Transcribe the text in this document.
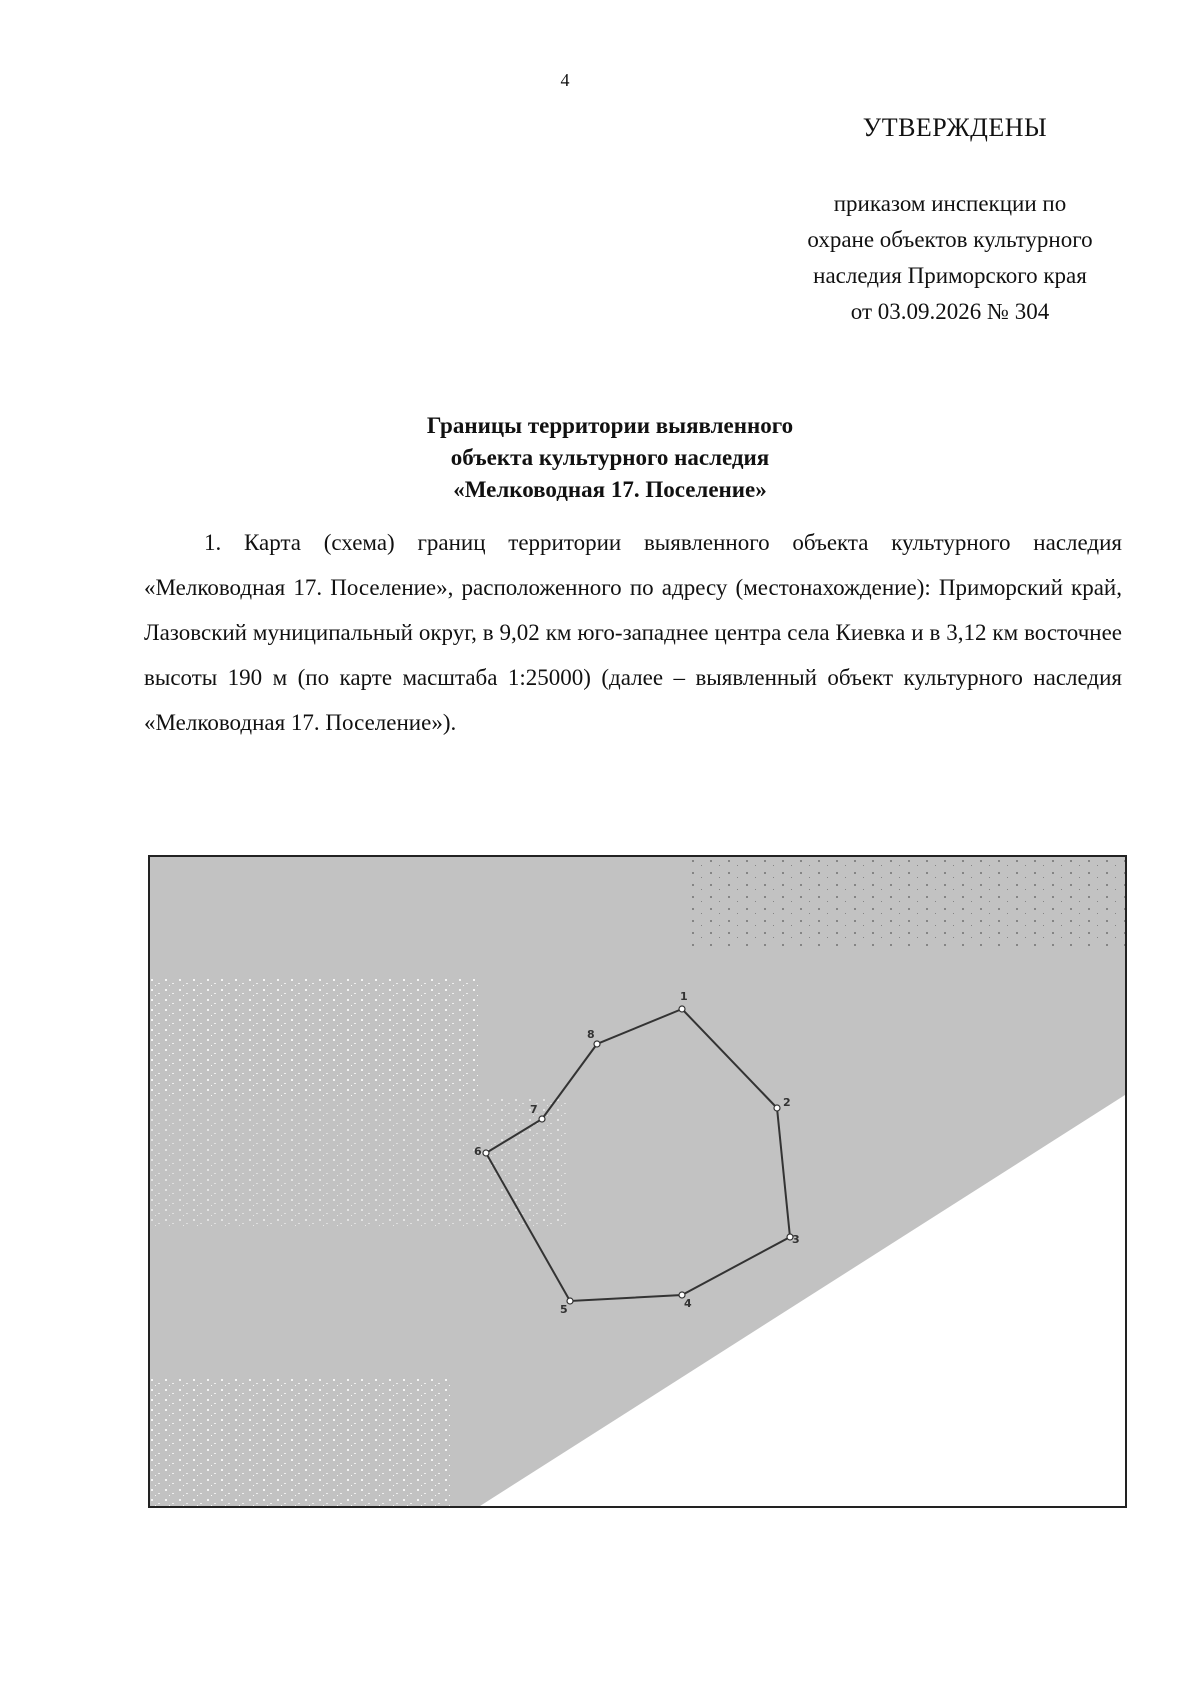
4
УТВЕРЖДЕНЫ
приказом инспекции по
охране объектов культурного
наследия Приморского края
от 03.09.2026 № 304
Границы территории выявленного
объекта культурного наследия
«Мелководная 17. Поселение»

1. Карта (схема) границ территории выявленного объекта культурного наследия «Мелководная 17. Поселение», расположенного по адресу (местонахождение): Приморский край, Лазовский муниципальный округ, в 9,02 км юго-западнее центра села Киевка и в 3,12 км восточнее высоты 190 м (по карте масштаба 1:25000) (далее – выявленный объект культурного наследия «Мелководная 17. Поселение»).

1
2
3
4
5
6
7
8
